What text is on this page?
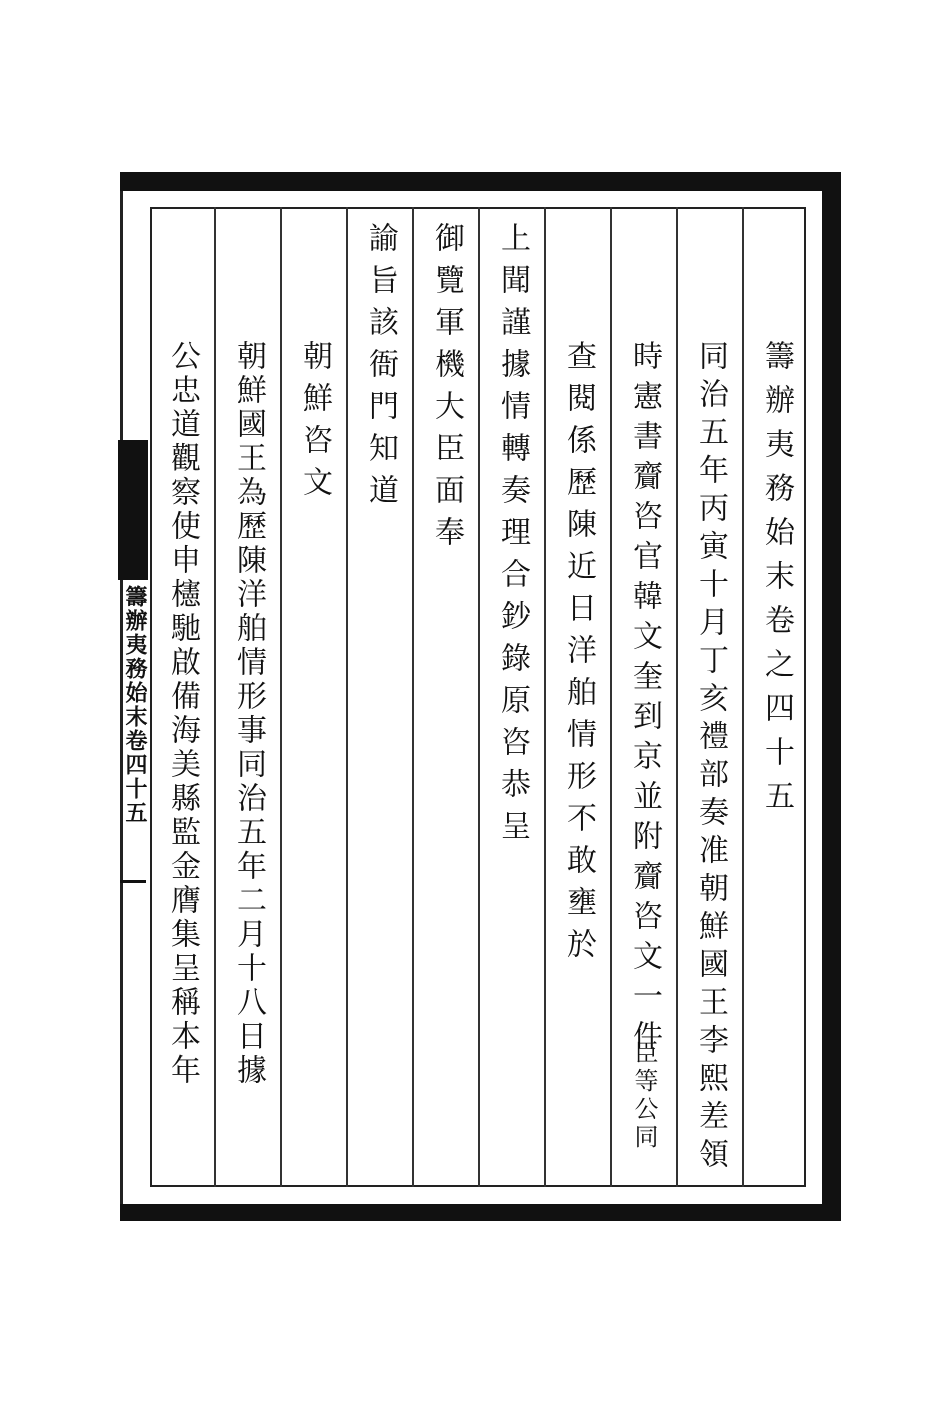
籌辦夷務始末卷四十五	籌辦夷務始末卷之四十五
同治五年丙寅十月丁亥禮部奏准朝鮮國王李熙差領
時憲書齎咨官韓文奎到京並附齎咨文一件
臣等公同
查閱係歷陳近日洋舶情形不敢壅於
上聞謹據情轉奏理合鈔錄原咨恭呈
御覽軍機大臣面奉
諭旨該衙門知道
朝鮮咨文
朝鮮國王為歷陳洋舶情形事同治五年二月十八日據
公忠道觀察使申櫶馳啟備海美縣監金膺集呈稱本年
